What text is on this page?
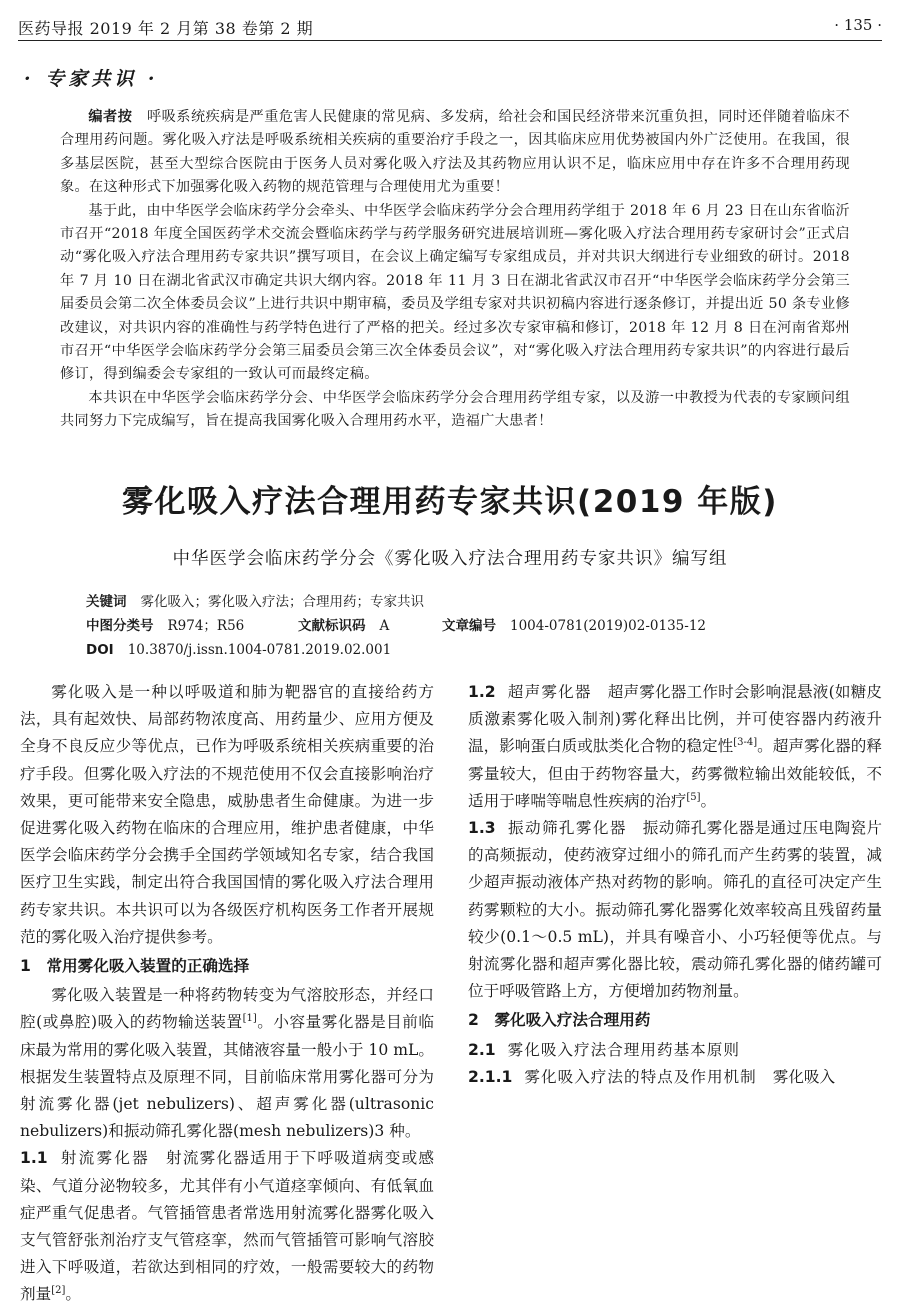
医药导报 2019 年 2 月第 38 卷第 2 期	· 135 ·
· 专家共识 ·

编者按　 呼吸系统疾病是严重危害人民健康的常见病、多发病，给社会和国民经济带来沉重负担，同时还伴随着临床不合理用药问题。雾化吸入疗法是呼吸系统相关疾病的重要治疗手段之一，因其临床应用优势被国内外广泛使用。在我国，很多基层医院，甚至大型综合医院由于医务人员对雾化吸入疗法及其药物应用认识不足，临床应用中存在许多不合理用药现象。在这种形式下加强雾化吸入药物的规范管理与合理使用尤为重要！

基于此，由中华医学会临床药学分会牵头、中华医学会临床药学分会合理用药学组于 2018 年 6 月 23 日在山东省临沂市召开“2018 年度全国医药学术交流会暨临床药学与药学服务研究进展培训班—雾化吸入疗法合理用药专家研讨会”正式启动“雾化吸入疗法合理用药专家共识”撰写项目，在会议上确定编写专家组成员，并对共识大纲进行专业细致的研讨。2018 年 7 月 10 日在湖北省武汉市确定共识大纲内容。2018 年 11 月 3 日在湖北省武汉市召开“中华医学会临床药学分会第三届委员会第二次全体委员会议”上进行共识中期审稿，委员及学组专家对共识初稿内容进行逐条修订，并提出近 50 条专业修改建议，对共识内容的准确性与药学特色进行了严格的把关。经过多次专家审稿和修订，2018 年 12 月 8 日在河南省郑州市召开“中华医学会临床药学分会第三届委员会第三次全体委员会议”，对“雾化吸入疗法合理用药专家共识”的内容进行最后修订，得到编委会专家组的一致认可而最终定稿。

本共识在中华医学会临床药学分会、中华医学会临床药学分会合理用药学组专家，以及游一中教授为代表的专家顾问组共同努力下完成编写，旨在提高我国雾化吸入合理用药水平，造福广大患者！

雾化吸入疗法合理用药专家共识(2019 年版)
中华医学会临床药学分会《雾化吸入疗法合理用药专家共识》编写组
关键词 雾化吸入；雾化吸入疗法；合理用药；专家共识
中图分类号 R974；R56	文献标识码 A	文章编号 1004-0781(2019)02-0135-12
DOI 10.3870/j.issn.1004-0781.2019.02.001

雾化吸入是一种以呼吸道和肺为靶器官的直接给药方法，具有起效快、局部药物浓度高、用药量少、应用方便及全身不良反应少等优点，已作为呼吸系统相关疾病重要的治疗手段。但雾化吸入疗法的不规范使用不仅会直接影响治疗效果，更可能带来安全隐患，威胁患者生命健康。为进一步促进雾化吸入药物在临床的合理应用，维护患者健康，中华医学会临床药学分会携手全国药学领域知名专家，结合我国医疗卫生实践，制定出符合我国国情的雾化吸入疗法合理用药专家共识。本共识可以为各级医疗机构医务工作者开展规范的雾化吸入治疗提供参考。

1　常用雾化吸入装置的正确选择

雾化吸入装置是一种将药物转变为气溶胶形态，并经口腔(或鼻腔)吸入的药物输送装置[1]。小容量雾化器是目前临床最为常用的雾化吸入装置，其储液容量一般小于 10 mL。根据发生装置特点及原理不同，目前临床常用雾化器可分为射流雾化器(jet nebulizers)、超声雾化器(ultrasonic nebulizers)和振动筛孔雾化器(mesh nebulizers)3 种。

1.1 射流雾化器 射流雾化器适用于下呼吸道病变或感染、气道分泌物较多，尤其伴有小气道痉挛倾向、有低氧血症严重气促患者。气管插管患者常选用射流雾化器雾化吸入支气管舒张剂治疗支气管痉挛，然而气管插管可影响气溶胶进入下呼吸道，若欲达到相同的疗效，一般需要较大的药物剂量[2]。

1.2 超声雾化器 超声雾化器工作时会影响混悬液(如糖皮质激素雾化吸入制剂)雾化释出比例，并可使容器内药液升温，影响蛋白质或肽类化合物的稳定性[3-4]。超声雾化器的释雾量较大，但由于药物容量大，药雾微粒输出效能较低，不适用于哮喘等喘息性疾病的治疗[5]。

1.3 振动筛孔雾化器 振动筛孔雾化器是通过压电陶瓷片的高频振动，使药液穿过细小的筛孔而产生药雾的装置，减少超声振动液体产热对药物的影响。筛孔的直径可决定产生药雾颗粒的大小。振动筛孔雾化器雾化效率较高且残留药量较少(0.1～0.5 mL)，并具有噪音小、小巧轻便等优点。与射流雾化器和超声雾化器比较，震动筛孔雾化器的储药罐可位于呼吸管路上方，方便增加药物剂量。

2　雾化吸入疗法合理用药

2.1 雾化吸入疗法合理用药基本原则

2.1.1 雾化吸入疗法的特点及作用机制 雾化吸入
